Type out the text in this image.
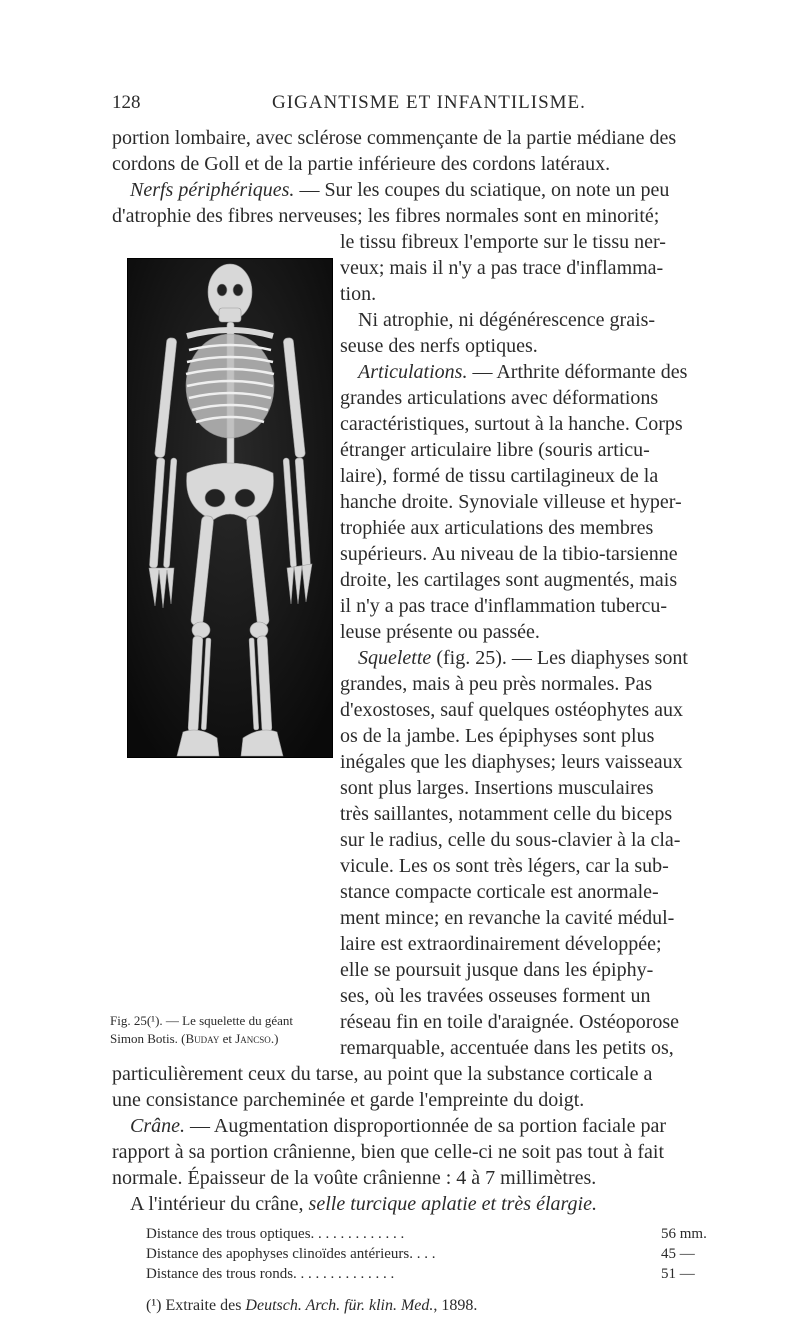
128	GIGANTISME ET INFANTILISME.
portion lombaire, avec sclérose commençante de la partie médiane des
cordons de Goll et de la partie inférieure des cordons latéraux.
Nerfs périphériques. — Sur les coupes du sciatique, on note un peu
d'atrophie des fibres nerveuses; les fibres normales sont en minorité;
le tissu fibreux l'emporte sur le tissu ner-
veux; mais il n'y a pas trace d'inflamma-
tion.
Ni atrophie, ni dégénérescence grais-
seuse des nerfs optiques.
Articulations. — Arthrite déformante des
grandes articulations avec déformations
caractéristiques, surtout à la hanche. Corps
étranger articulaire libre (souris articu-
laire), formé de tissu cartilagineux de la
hanche droite. Synoviale villeuse et hyper-
trophiée aux articulations des membres
supérieurs. Au niveau de la tibio-tarsienne
droite, les cartilages sont augmentés, mais
il n'y a pas trace d'inflammation tubercu-
leuse présente ou passée.
Squelette (fig. 25). — Les diaphyses sont
grandes, mais à peu près normales. Pas
d'exostoses, sauf quelques ostéophytes aux
os de la jambe. Les épiphyses sont plus
inégales que les diaphyses; leurs vaisseaux
sont plus larges. Insertions musculaires
très saillantes, notamment celle du biceps
sur le radius, celle du sous-clavier à la cla-
vicule. Les os sont très légers, car la sub-
stance compacte corticale est anormale-
ment mince; en revanche la cavité médul-
laire est extraordinairement développée;
elle se poursuit jusque dans les épiphy-
ses, où les travées osseuses forment un
réseau fin en toile d'araignée. Ostéoporose
remarquable, accentuée dans les petits os,
Fig. 25(¹). — Le squelette du géant
Simon Botis. (Buday et Jancso.)
particulièrement ceux du tarse, au point que la substance corticale a
une consistance parcheminée et garde l'empreinte du doigt.
Crâne. — Augmentation disproportionnée de sa portion faciale par
rapport à sa portion crânienne, bien que celle-ci ne soit pas tout à fait
normale. Épaisseur de la voûte crânienne : 4 à 7 millimètres.
A l'intérieur du crâne, selle turcique aplatie et très élargie.
Distance des trous optiques. . . . . . . . . . . . .	56 mm.
Distance des apophyses clinoïdes antérieurs. . . .	45 —
Distance des trous ronds. . . . . . . . . . . . . .	51 —
(¹) Extraite des Deutsch. Arch. für. klin. Med., 1898.
